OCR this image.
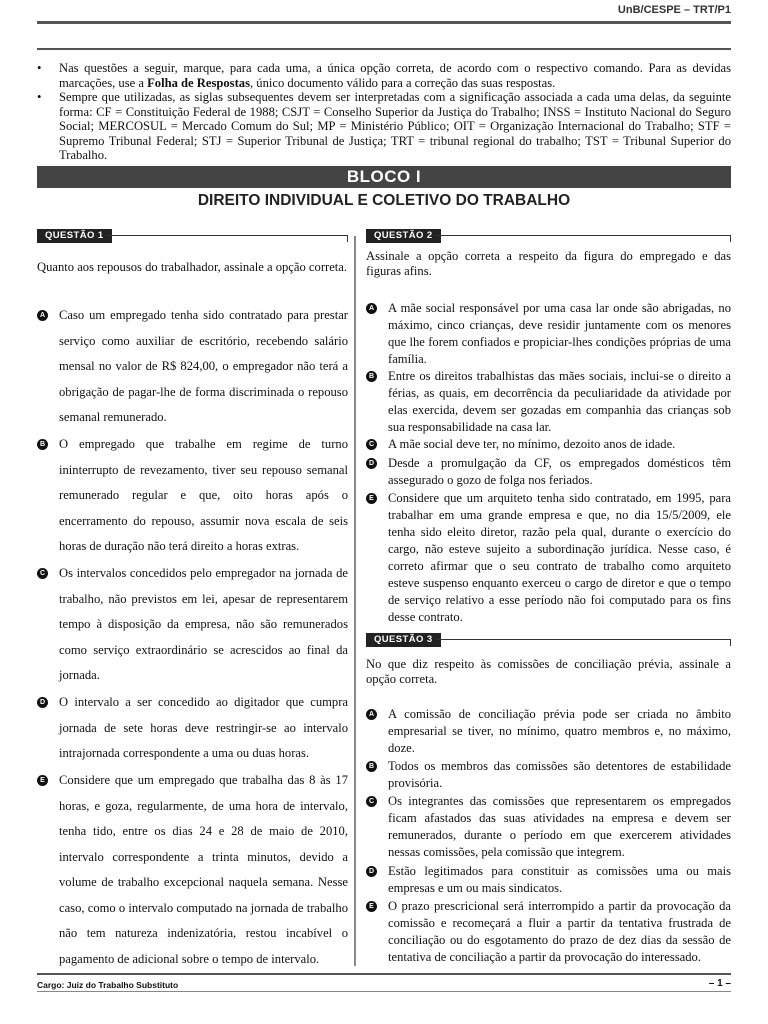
UnB/CESPE – TRT/P1
• Nas questões a seguir, marque, para cada uma, a única opção correta, de acordo com o respectivo comando. Para as devidas marcações, use a Folha de Respostas, único documento válido para a correção das suas respostas.
• Sempre que utilizadas, as siglas subsequentes devem ser interpretadas com a significação associada a cada uma delas, da seguinte forma: CF = Constituição Federal de 1988; CSJT = Conselho Superior da Justiça do Trabalho; INSS = Instituto Nacional do Seguro Social; MERCOSUL = Mercado Comum do Sul; MP = Ministério Público; OIT = Organização Internacional do Trabalho; STF = Supremo Tribunal Federal; STJ = Superior Tribunal de Justiça; TRT = tribunal regional do trabalho; TST = Tribunal Superior do Trabalho.
BLOCO I
DIREITO INDIVIDUAL E COLETIVO DO TRABALHO
QUESTÃO 1
Quanto aos repousos do trabalhador, assinale a opção correta.
A Caso um empregado tenha sido contratado para prestar serviço como auxiliar de escritório, recebendo salário mensal no valor de R$ 824,00, o empregador não terá a obrigação de pagar-lhe de forma discriminada o repouso semanal remunerado.
B O empregado que trabalhe em regime de turno ininterrupto de revezamento, tiver seu repouso semanal remunerado regular e que, oito horas após o encerramento do repouso, assumir nova escala de seis horas de duração não terá direito a horas extras.
C Os intervalos concedidos pelo empregador na jornada de trabalho, não previstos em lei, apesar de representarem tempo à disposição da empresa, não são remunerados como serviço extraordinário se acrescidos ao final da jornada.
D O intervalo a ser concedido ao digitador que cumpra jornada de sete horas deve restringir-se ao intervalo intrajornada correspondente a uma ou duas horas.
E Considere que um empregado que trabalha das 8 às 17 horas, e goza, regularmente, de uma hora de intervalo, tenha tido, entre os dias 24 e 28 de maio de 2010, intervalo correspondente a trinta minutos, devido a volume de trabalho excepcional naquela semana. Nesse caso, como o intervalo computado na jornada de trabalho não tem natureza indenizatória, restou incabível o pagamento de adicional sobre o tempo de intervalo.
QUESTÃO 2
Assinale a opção correta a respeito da figura do empregado e das figuras afins.
A A mãe social responsável por uma casa lar onde são abrigadas, no máximo, cinco crianças, deve residir juntamente com os menores que lhe forem confiados e propiciar-lhes condições próprias de uma família.
B Entre os direitos trabalhistas das mães sociais, inclui-se o direito a férias, as quais, em decorrência da peculiaridade da atividade por elas exercida, devem ser gozadas em companhia das crianças sob sua responsabilidade na casa lar.
C A mãe social deve ter, no mínimo, dezoito anos de idade.
D Desde a promulgação da CF, os empregados domésticos têm assegurado o gozo de folga nos feriados.
E Considere que um arquiteto tenha sido contratado, em 1995, para trabalhar em uma grande empresa e que, no dia 15/5/2009, ele tenha sido eleito diretor, razão pela qual, durante o exercício do cargo, não esteve sujeito a subordinação jurídica. Nesse caso, é correto afirmar que o seu contrato de trabalho como arquiteto esteve suspenso enquanto exerceu o cargo de diretor e que o tempo de serviço relativo a esse período não foi computado para os fins desse contrato.
QUESTÃO 3
No que diz respeito às comissões de conciliação prévia, assinale a opção correta.
A A comissão de conciliação prévia pode ser criada no âmbito empresarial se tiver, no mínimo, quatro membros e, no máximo, doze.
B Todos os membros das comissões são detentores de estabilidade provisória.
C Os integrantes das comissões que representarem os empregados ficam afastados das suas atividades na empresa e devem ser remunerados, durante o período em que exercerem atividades nessas comissões, pela comissão que integrem.
D Estão legitimados para constituir as comissões uma ou mais empresas e um ou mais sindicatos.
E O prazo prescricional será interrompido a partir da provocação da comissão e recomeçará a fluir a partir da tentativa frustrada de conciliação ou do esgotamento do prazo de dez dias da sessão de tentativa de conciliação a partir da provocação do interessado.
Cargo: Juiz do Trabalho Substituto	– 1 –
